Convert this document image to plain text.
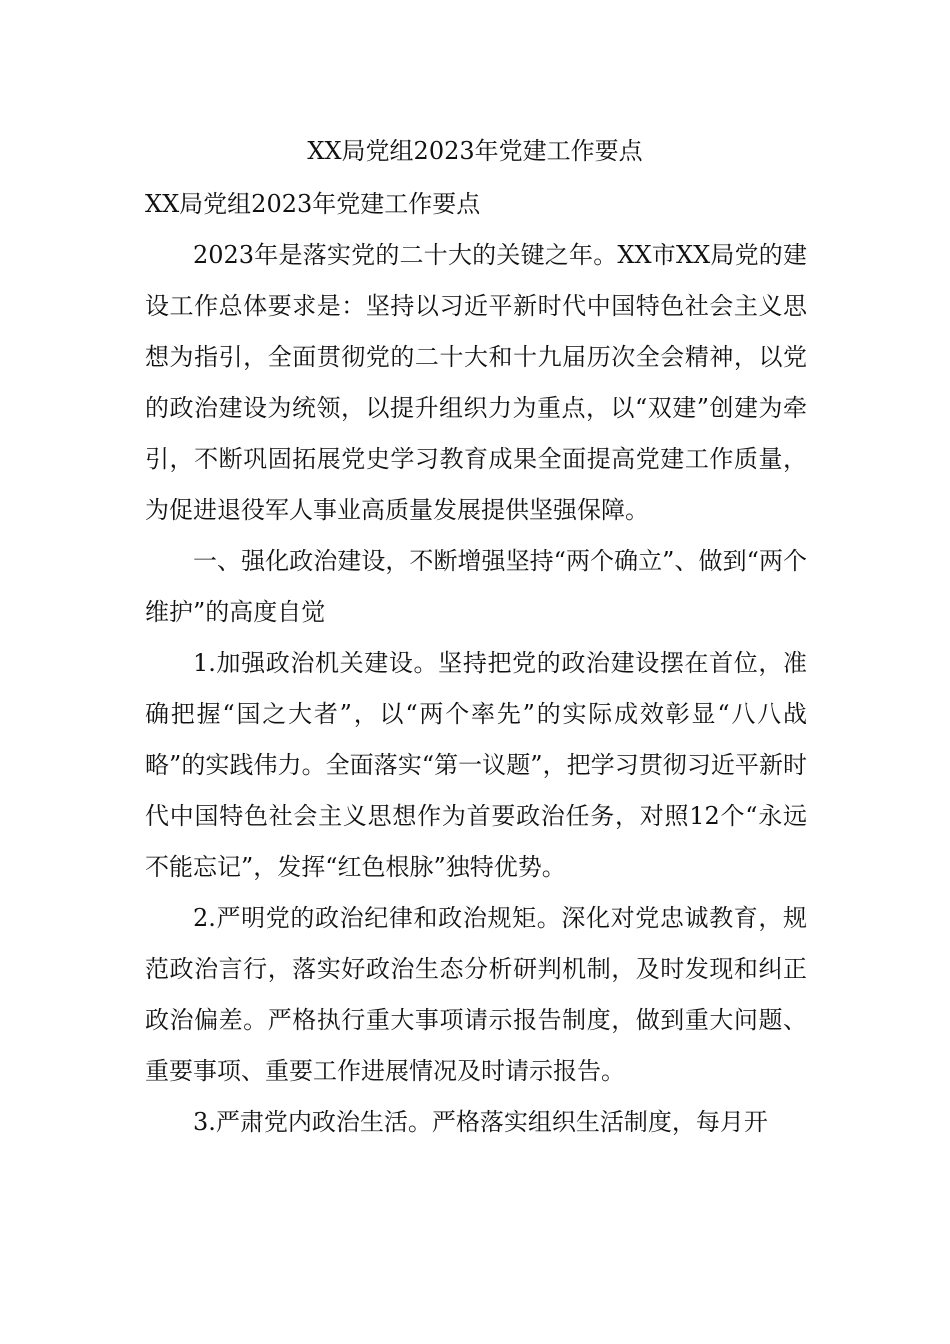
XX局党组2023年党建工作要点

XX局党组2023年党建工作要点

2023年是落实党的二十大的关键之年。XX市XX局党的建设工作总体要求是：坚持以习近平新时代中国特色社会主义思想为指引，全面贯彻党的二十大和十九届历次全会精神，以党的政治建设为统领，以提升组织力为重点，以“双建”创建为牵引，不断巩固拓展党史学习教育成果全面提高党建工作质量，为促进退役军人事业高质量发展提供坚强保障。

一、强化政治建设，不断增强坚持“两个确立”、做到“两个维护”的高度自觉

1.加强政治机关建设。坚持把党的政治建设摆在首位，准确把握“国之大者”，以“两个率先”的实际成效彰显“八八战略”的实践伟力。全面落实“第一议题”，把学习贯彻习近平新时代中国特色社会主义思想作为首要政治任务，对照12个“永远不能忘记”，发挥“红色根脉”独特优势。

2.严明党的政治纪律和政治规矩。深化对党忠诚教育，规范政治言行，落实好政治生态分析研判机制，及时发现和纠正政治偏差。严格执行重大事项请示报告制度，做到重大问题、重要事项、重要工作进展情况及时请示报告。

3.严肃党内政治生活。严格落实组织生活制度，每月开
